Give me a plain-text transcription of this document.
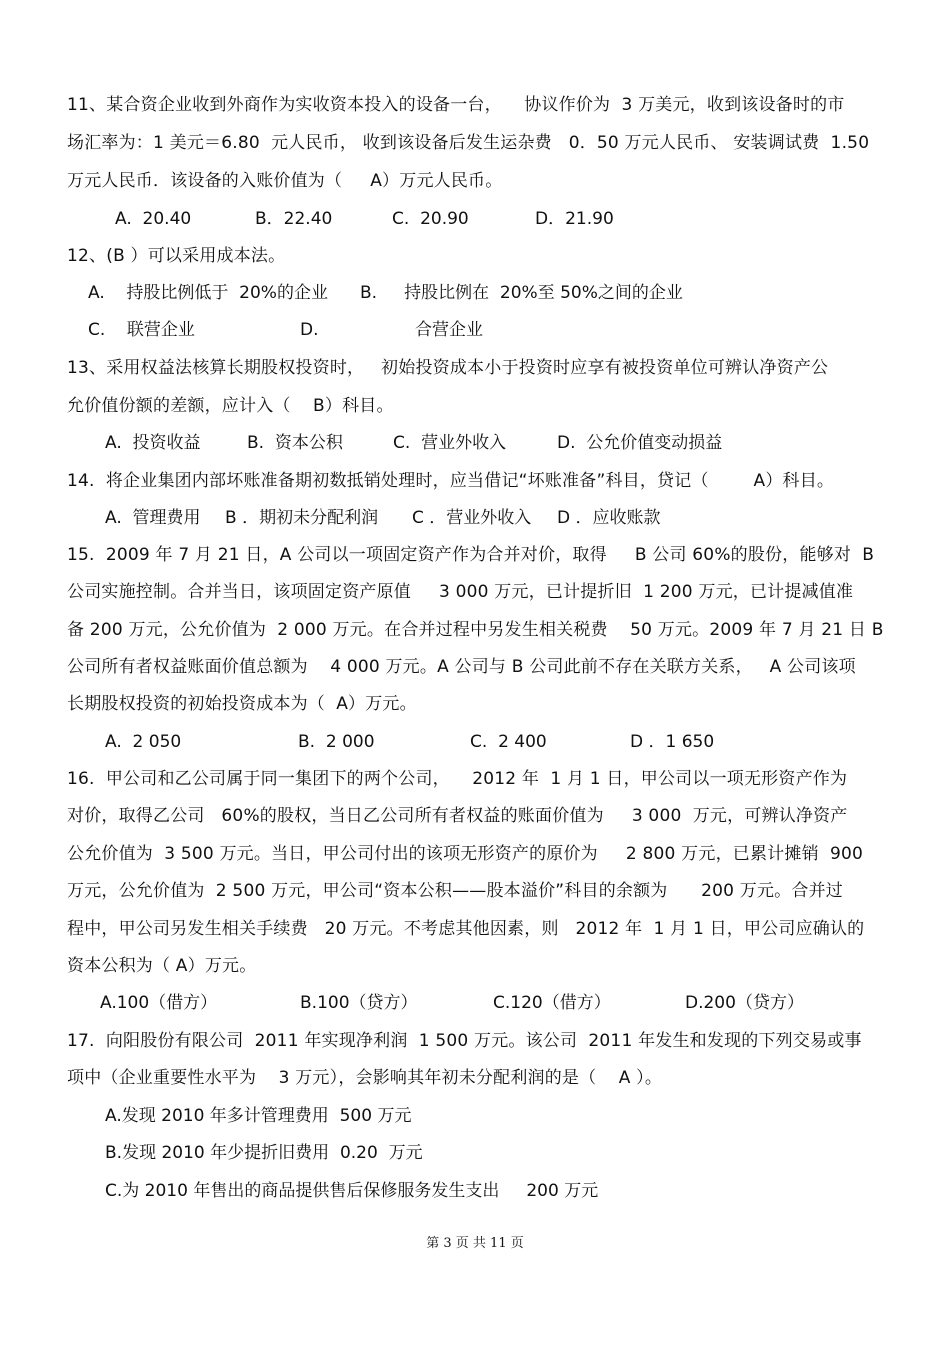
11、某合资企业收到外商作为实收资本投入的设备一台，    协议作价为  3 万美元，收到该设备时的市
场汇率为：1 美元＝6.80  元人民币， 收到该设备后发生运杂费   0．50 万元人民币、 安装调试费  1.50
万元人民币．该设备的入账价值为（     A）万元人民币。
A.  20.40	B．22.40	C.  20.90	D．21.90
12、(B ）可以采用成本法。
A.    持股比例低于  20%的企业 B.     持股比例在  20%至 50%之间的企业
C.    联营企业	D.	合营企业
13、采用权益法核算长期股权投资时，   初始投资成本小于投资时应享有被投资单位可辨认净资产公
允价值份额的差额，应计入（    B）科目。
A.  投资收益	B.  资本公积	C.  营业外收入	D.  公允价值变动损益
14.  将企业集团内部坏账准备期初数抵销处理时，应当借记“坏账准备”科目，贷记（        A）科目。
A.  管理费用 B ．期初未分配利润 C ．营业外收入 D ．应收账款
15.  2009 年 7 月 21 日，A 公司以一项固定资产作为合并对价，取得     B 公司 60%的股份，能够对  B
公司实施控制。合并当日，该项固定资产原值     3 000 万元，已计提折旧  1 200 万元，已计提减值准
备 200 万元，公允价值为  2 000 万元。在合并过程中另发生相关税费    50 万元。2009 年 7 月 21 日 B
公司所有者权益账面价值总额为    4 000 万元。A 公司与 B 公司此前不存在关联方关系，   A 公司该项
长期股权投资的初始投资成本为（  A）万元。
A.  2 050	B.  2 000	C.  2 400	D ．1 650
16.  甲公司和乙公司属于同一集团下的两个公司，    2012 年  1 月 1 日，甲公司以一项无形资产作为
对价，取得乙公司   60%的股权，当日乙公司所有者权益的账面价值为     3 000  万元，可辨认净资产
公允价值为  3 500 万元。当日，甲公司付出的该项无形资产的原价为     2 800 万元，已累计摊销  900
万元，公允价值为  2 500 万元，甲公司“资本公积——股本溢价”科目的余额为      200 万元。合并过
程中，甲公司另发生相关手续费   20 万元。不考虑其他因素，则   2012 年  1 月 1 日，甲公司应确认的
资本公积为（ A）万元。
A.100（借方）	B.100（贷方）	C.120（借方）	D.200（贷方）
17.  向阳股份有限公司  2011 年实现净利润  1 500 万元。该公司  2011 年发生和发现的下列交易或事
项中（企业重要性水平为    3 万元），会影响其年初未分配利润的是（    A ）。
A.发现 2010 年多计管理费用  500 万元
B.发现 2010 年少提折旧费用  0.20  万元
C.为 2010 年售出的商品提供售后保修服务发生支出     200 万元
第 3 页 共 11 页
